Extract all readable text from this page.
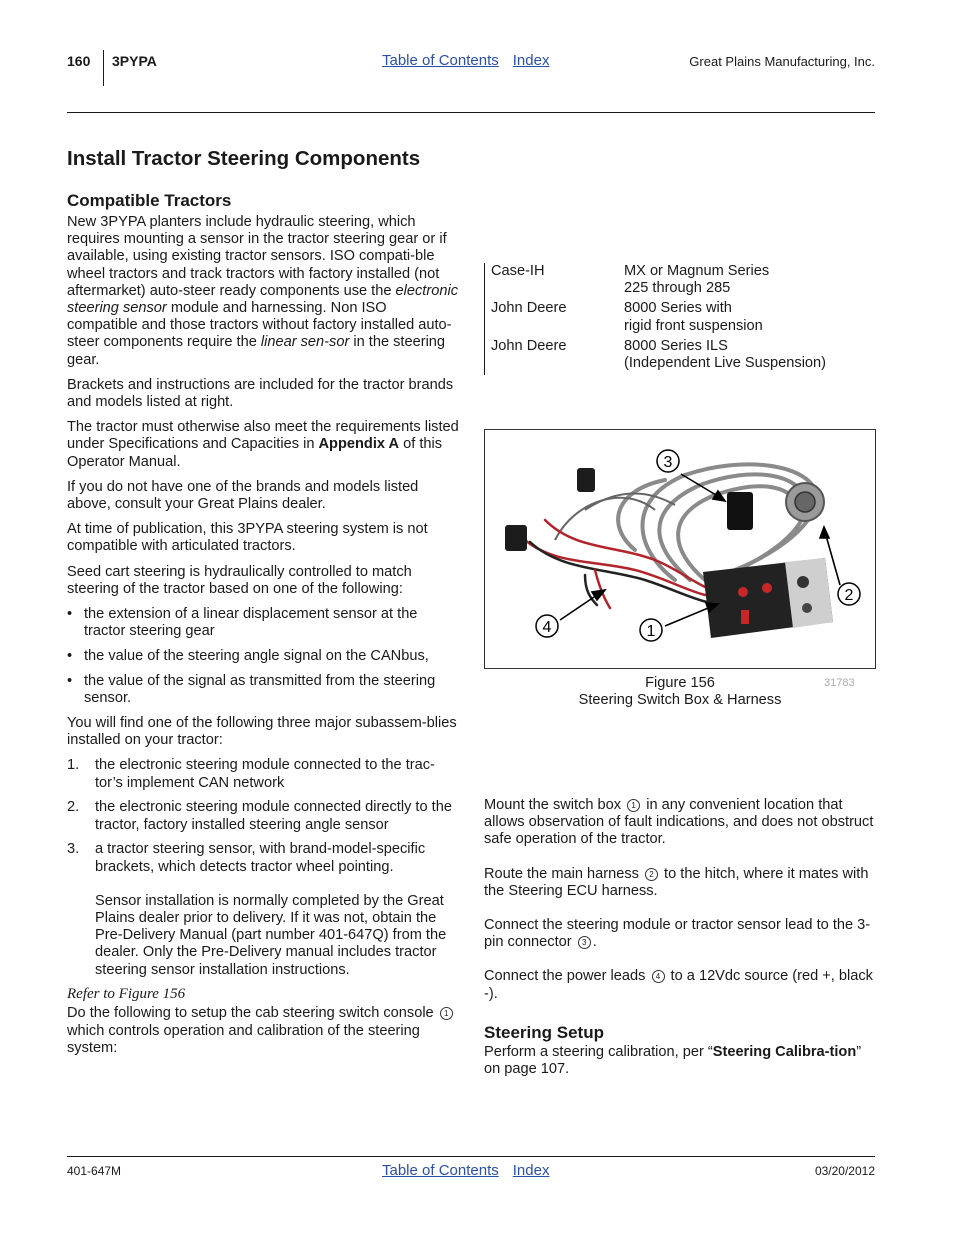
160 3PYPA	Table of Contents Index	Great Plains Manufacturing, Inc.
Install Tractor Steering Components
Compatible Tractors

New 3PYPA planters include hydraulic steering, which requires mounting a sensor in the tractor steering gear or if available, using existing tractor sensors. ISO compati-ble wheel tractors and track tractors with factory installed (not aftermarket) auto-steer ready components use the electronic steering sensor module and harnessing. Non ISO compatible and those tractors without factory installed auto-steer components require the linear sen-sor in the steering gear.

Brackets and instructions are included for the tractor brands and models listed at right.

The tractor must otherwise also meet the requirements listed under Specifications and Capacities in Appendix A of this Operator Manual.

If you do not have one of the brands and models listed above, consult your Great Plains dealer.

At time of publication, this 3PYPA steering system is not compatible with articulated tractors.

Seed cart steering is hydraulically controlled to match steering of the tractor based on one of the following:

• the extension of a linear displacement sensor at the tractor steering gear
• the value of the steering angle signal on the CANbus,
• the value of the signal as transmitted from the steering sensor.

You will find one of the following three major subassem-blies installed on your tractor:

1. the electronic steering module connected to the trac-tor’s implement CAN network
2. the electronic steering module connected directly to the tractor, factory installed steering angle sensor
3. a tractor steering sensor, with brand-model-specific brackets, which detects tractor wheel pointing.
Sensor installation is normally completed by the Great Plains dealer prior to delivery. If it was not, obtain the Pre-Delivery Manual (part number 401-647Q) from the dealer. Only the Pre-Delivery manual includes tractor steering sensor installation instructions.
Refer to Figure 156

Do the following to setup the cab steering switch console 1 which controls operation and calibration of the steering system:

Case-IH	MX or Magnum Series
225 through 285
John Deere	8000 Series with
rigid front suspension
John Deere	8000 Series ILS
(Independent Live Suspension)
3
2
4	1
Figure 156
Steering Switch Box & Harness
31783

Mount the switch box 1 in any convenient location that allows observation of fault indications, and does not obstruct safe operation of the tractor.

Route the main harness 2 to the hitch, where it mates with the Steering ECU harness.

Connect the steering module or tractor sensor lead to the 3-pin connector 3 .

Connect the power leads 4 to a 12Vdc source (red +, black -).

Steering Setup

Perform a steering calibration, per “Steering Calibra-tion” on page 107.

401-647M	Table of Contents Index	03/20/2012
